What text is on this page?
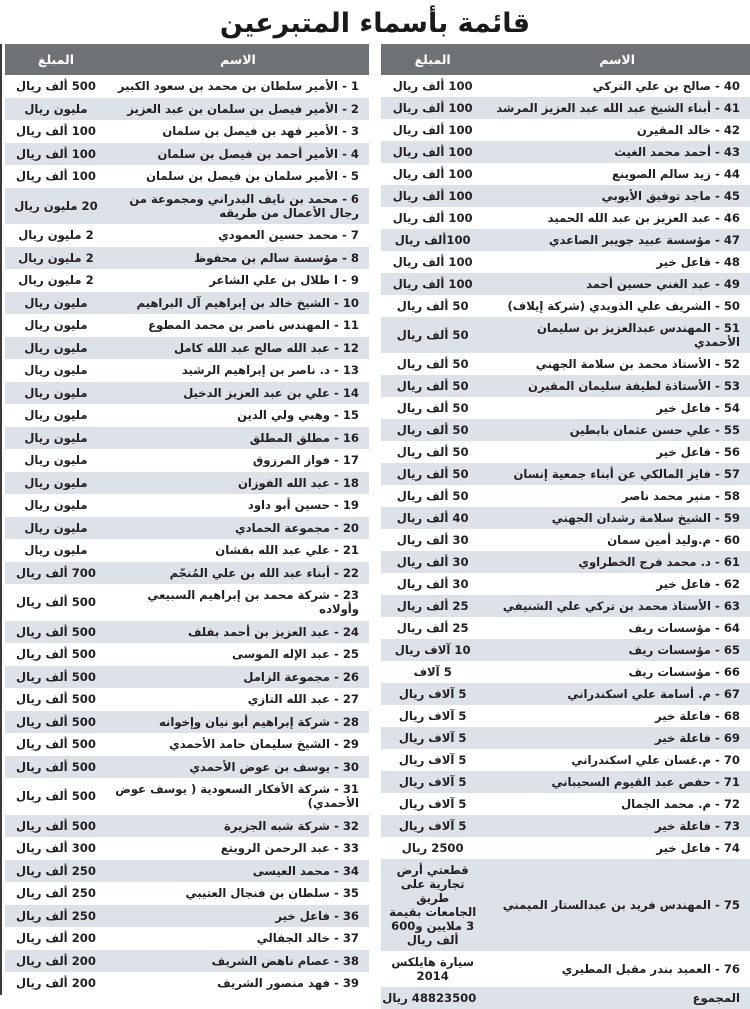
قائمة بأسماء المتبرعين
الاسم	المبلغ
1 - الأمير سلطان بن محمد بن سعود الكبير	500 ألف ريال
2 - الأمير فيصل بن سلمان بن عبد العزيز	مليون ريال
3 - الأمير فهد بن فيصل بن سلمان	100 ألف ريال
4 - الأمير أحمد بن فيصل بن سلمان	100 ألف ريال
5 - الأمير سلمان بن فيصل بن سلمان	100 ألف ريال
6 - محمد بن نايف البدراني ومجموعة من رجال الأعمال من طريقه	20 مليون ريال
7 - محمد حسين العمودي	2 مليون ريال
8 - مؤسسة سالم بن محفوظ	2 مليون ريال
9 - ا طلال بن علي الشاعر	2 مليون ريال
10 - الشيخ خالد بن إبراهيم آل البراهيم	مليون ريال
11 - المهندس ناصر بن محمد المطوع	مليون ريال
12 - عبد الله صالح عبد الله كامل	مليون ريال
13 - د. ناصر بن إبراهيم الرشيد	مليون ريال
14 - علي بن عبد العزيز الدخيل	مليون ريال
15 - وهبي ولي الدين	مليون ريال
16 - مطلق المطلق	مليون ريال
17 - فواز المرزوق	مليون ريال
18 - عبد الله الفوزان	مليون ريال
19 - حسين أبو داود	مليون ريال
20 - مجموعة الحمادي	مليون ريال
21 - علي عبد الله بقشان	مليون ريال
22 - أبناء عبد الله بن علي المُنجّم	700 ألف ريال
23 - شركة محمد بن إبراهيم السبيعي وأولاده	500 ألف ريال
24 - عبد العزيز بن أحمد بفلف	500 ألف ريال
25 - عبد الإله الموسى	500 ألف ريال
26 - مجموعة الزامل	500 ألف ريال
27 - عبد الله التازي	500 ألف ريال
28 - شركة إبراهيم أبو نيان وإخوانه	500 ألف ريال
29 - الشيخ سليمان حامد الأحمدي	500 ألف ريال
30 - يوسف بن عوض الأحمدي	500 ألف ريال
31 - شركة الأفكار السعودية ( يوسف عوض الأحمدي)	500 ألف ريال
32 - شركة شبه الجزيرة	500 ألف ريال
33 - عبد الرحمن الرويتع	300 ألف ريال
34 - محمد العيسى	250 ألف ريال
35 - سلطان بن فنجال العتيبي	250 ألف ريال
36 - فاعل خير	250 ألف ريال
37 - خالد الجفالي	200 ألف ريال
38 - عصام ناهض الشريف	200 ألف ريال
39 - فهد منصور الشريف	200 ألف ريال
الاسم	المبلغ
40 - صالح بن علي التركي	100 ألف ريال
41 - أبناء الشيخ عبد الله عبد العزيز المرشد	100 ألف ريال
42 - خالد المقيرن	100 ألف ريال
43 - أحمد محمد الغيث	100 ألف ريال
44 - زيد سالم الصوينع	100 ألف ريال
45 - ماجد توفيق الأيوبي	100 ألف ريال
46 - عبد العزيز بن عبد الله الحميد	100 ألف ريال
47 - مؤسسة عبيد جويبر الصاعدي	100ألف ريال
48 - فاعل خير	100 ألف ريال
49 - عبد الغني حسين أحمد	100 ألف ريال
50 - الشريف علي الذويدي (شركة إيلاف)	50 ألف ريال
51 - المهندس عبدالعزيز بن سليمان الأحمدي	50 ألف ريال
52 - الأستاذ محمد بن سلامة الجهني	50 ألف ريال
53 - الأستاذة لطيفة سليمان المقيرن	50 ألف ريال
54 - فاعل خير	50 ألف ريال
55 - علي حسن عثمان بابطين	50 ألف ريال
56 - فاعل خير	50 ألف ريال
57 - فايز المالكي عن أبناء جمعية إنسان	50 ألف ريال
58 - منير محمد ناصر	50 ألف ريال
59 - الشيخ سلامة رشدان الجهني	40 ألف ريال
60 - م.وليد أمين سمان	30 ألف ريال
61 - د. محمد فرج الخطراوي	30 ألف ريال
62 - فاعل خير	30 ألف ريال
63 - الأستاذ محمد بن تركي علي الشنيفي	25 ألف ريال
64 - مؤسسات ريف	25 ألف ريال
65 - مؤسسات ريف	10 آلاف ريال
66 - مؤسسات ريف	5 آلاف
67 - م. أسامة علي اسكندراني	5 آلاف ريال
68 - فاعلة خير	5 آلاف ريال
69 - فاعلة خير	5 آلاف ريال
70 - م.غسان علي اسكندراني	5 آلاف ريال
71 - حفص عبد القيوم السحيباني	5 آلاف ريال
72 - م. محمد الجمال	5 آلاف ريال
73 - فاعلة خير	5 آلاف ريال
74 - فاعل خير	2500 ريال
75 - المهندس فريد بن عبدالستار الميمني	قطعتي أرض تجارية على طريق الجامعات بقيمة 3 ملايين و600 ألف ريال
76 - العميد بندر مقبل المطيري	سيارة هايلكس 2014
المجموع	48823500 ريال
